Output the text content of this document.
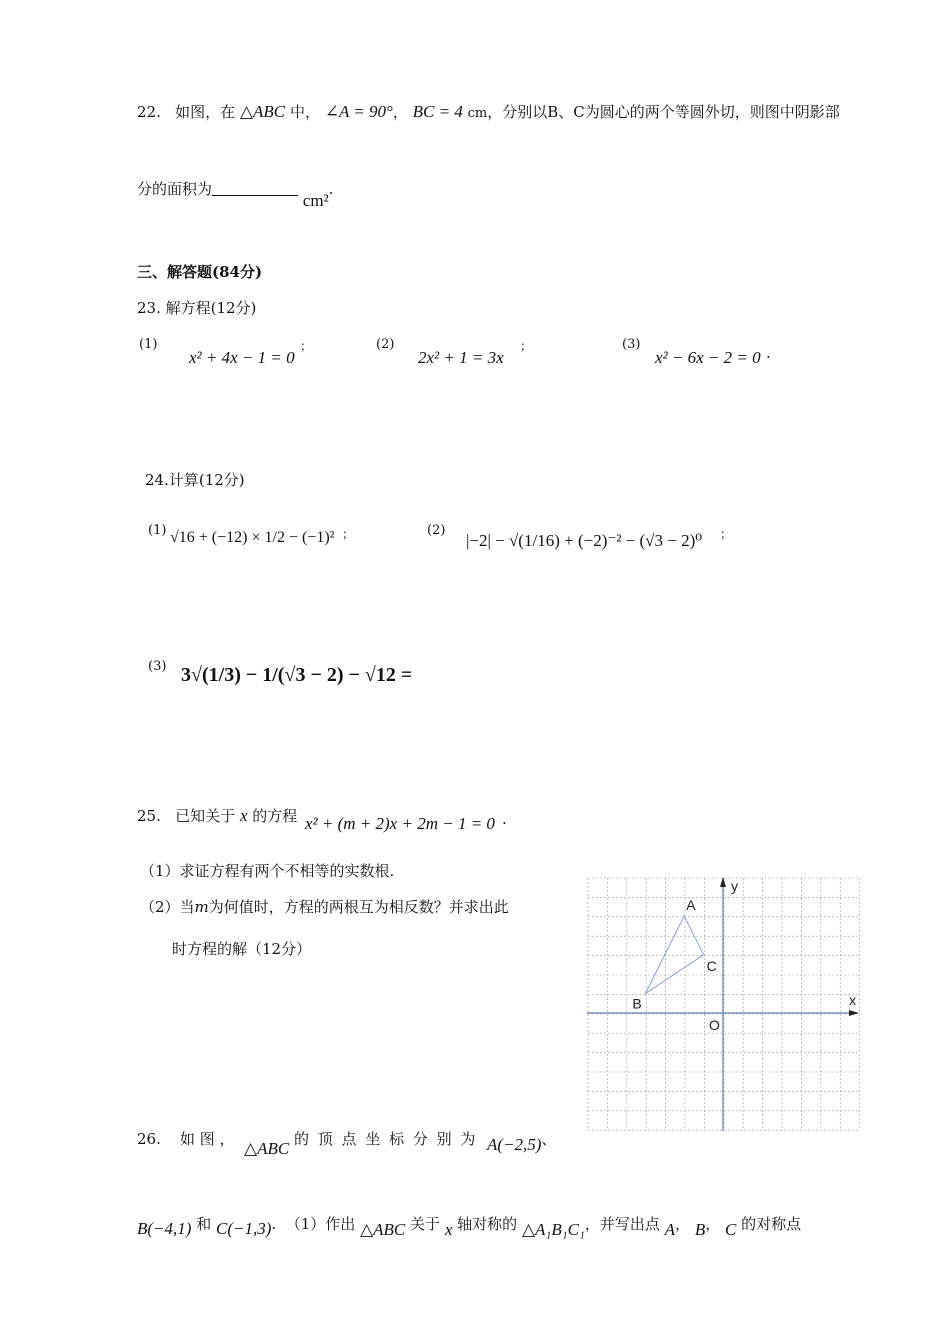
22. 如图，在 △ABC 中， ∠A = 90°， BC = 4 cm，分别以B、C为圆心的两个等圆外切，则图中阴影部
分的面积为 cm².
三、解答题(84分)
23. 解方程(12分)
(1)
x² + 4x − 1 = 0
；	(2)
2x² + 1 = 3x
；	(3)
x² − 6x − 2 = 0 .
24.计算(12分)
(1) √16 + (−12) × 1/2 − (−1)² ；	(2)
|−2| − √(1/16) + (−2)⁻² − (√3 − 2)⁰ ；
(3) 3√(1/3) − 1/(√3 − 2) − √12 =
25. 已知关于 x 的方程 x² + (m + 2)x + 2m − 1 = 0 .
（1）求证方程有两个不相等的实数根.
（2）当m为何值时，方程的两根互为相反数？并求出此
时方程的解（12分）
x
y
O
A
B
C
26. 如 图 ， △ABC 的 顶 点 坐 标 分 别 为 A(−2,5)、
B(−4,1) 和 C(−1,3). （1）作出 △ABC 关于 x 轴对称的 △A₁B₁C₁，并写出点 A， B， C 的对称点
